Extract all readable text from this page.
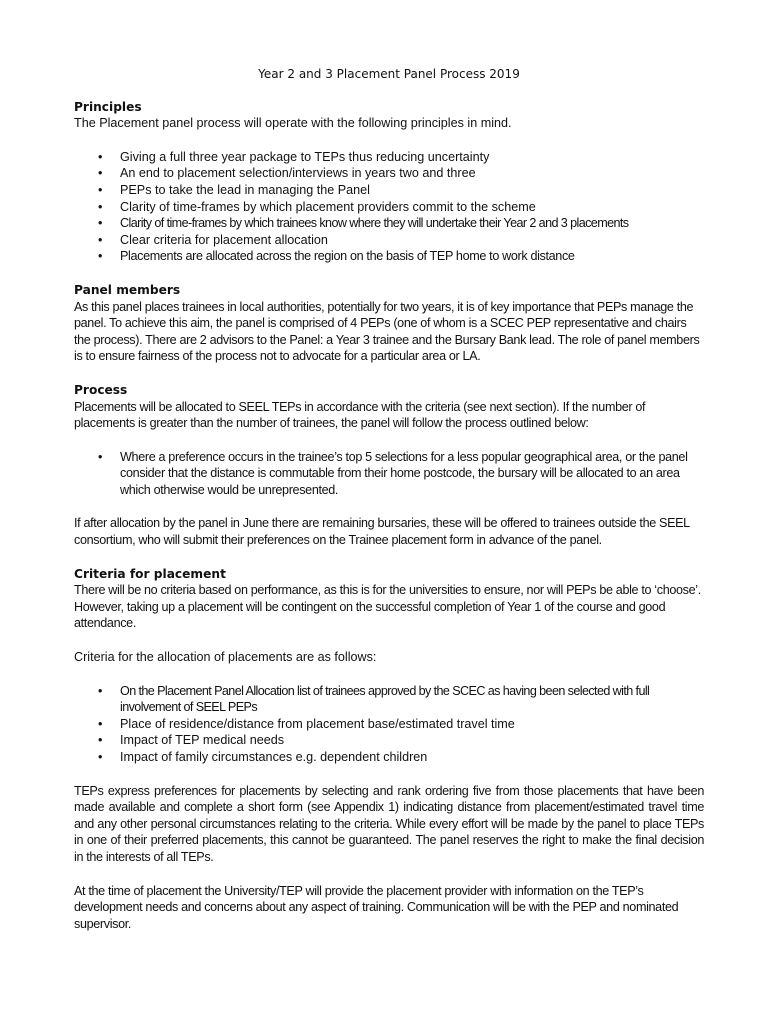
Year 2 and 3 Placement Panel Process 2019
Principles

The Placement panel process will operate with the following principles in mind.

• Giving a full three year package to TEPs thus reducing uncertainty
• An end to placement selection/interviews in years two and three
• PEPs to take the lead in managing the Panel
• Clarity of time-frames by which placement providers commit to the scheme
• Clarity of time-frames by which trainees know where they will undertake their Year 2 and 3 placements
• Clear criteria for placement allocation
• Placements are allocated across the region on the basis of TEP home to work distance
Panel members

As this panel places trainees in local authorities, potentially for two years, it is of key importance that PEPs manage the panel. To achieve this aim, the panel is comprised of 4 PEPs (one of whom is a SCEC PEP representative and chairs the process). There are 2 advisors to the Panel: a Year 3 trainee and the Bursary Bank lead. The role of panel members is to ensure fairness of the process not to advocate for a particular area or LA.

Process

Placements will be allocated to SEEL TEPs in accordance with the criteria (see next section). If the number of placements is greater than the number of trainees, the panel will follow the process outlined below:

• Where a preference occurs in the trainee’s top 5 selections for a less popular geographical area, or the panel consider that the distance is commutable from their home postcode, the bursary will be allocated to an area which otherwise would be unrepresented.

If after allocation by the panel in June there are remaining bursaries, these will be offered to trainees outside the SEEL consortium, who will submit their preferences on the Trainee placement form in advance of the panel.

Criteria for placement

There will be no criteria based on performance, as this is for the universities to ensure, nor will PEPs be able to ‘choose’. However, taking up a placement will be contingent on the successful completion of Year 1 of the course and good attendance.

Criteria for the allocation of placements are as follows:

• On the Placement Panel Allocation list of trainees approved by the SCEC as having been selected with full involvement of SEEL PEPs
• Place of residence/distance from placement base/estimated travel time
• Impact of TEP medical needs
• Impact of family circumstances e.g. dependent children

TEPs express preferences for placements by selecting and rank ordering five from those placements that have been made available and complete a short form (see Appendix 1) indicating distance from placement/estimated travel time and any other personal circumstances relating to the criteria. While every effort will be made by the panel to place TEPs in one of their preferred placements, this cannot be guaranteed. The panel reserves the right to make the final decision in the interests of all TEPs.

At the time of placement the University/TEP will provide the placement provider with information on the TEP’s development needs and concerns about any aspect of training. Communication will be with the PEP and nominated supervisor.
